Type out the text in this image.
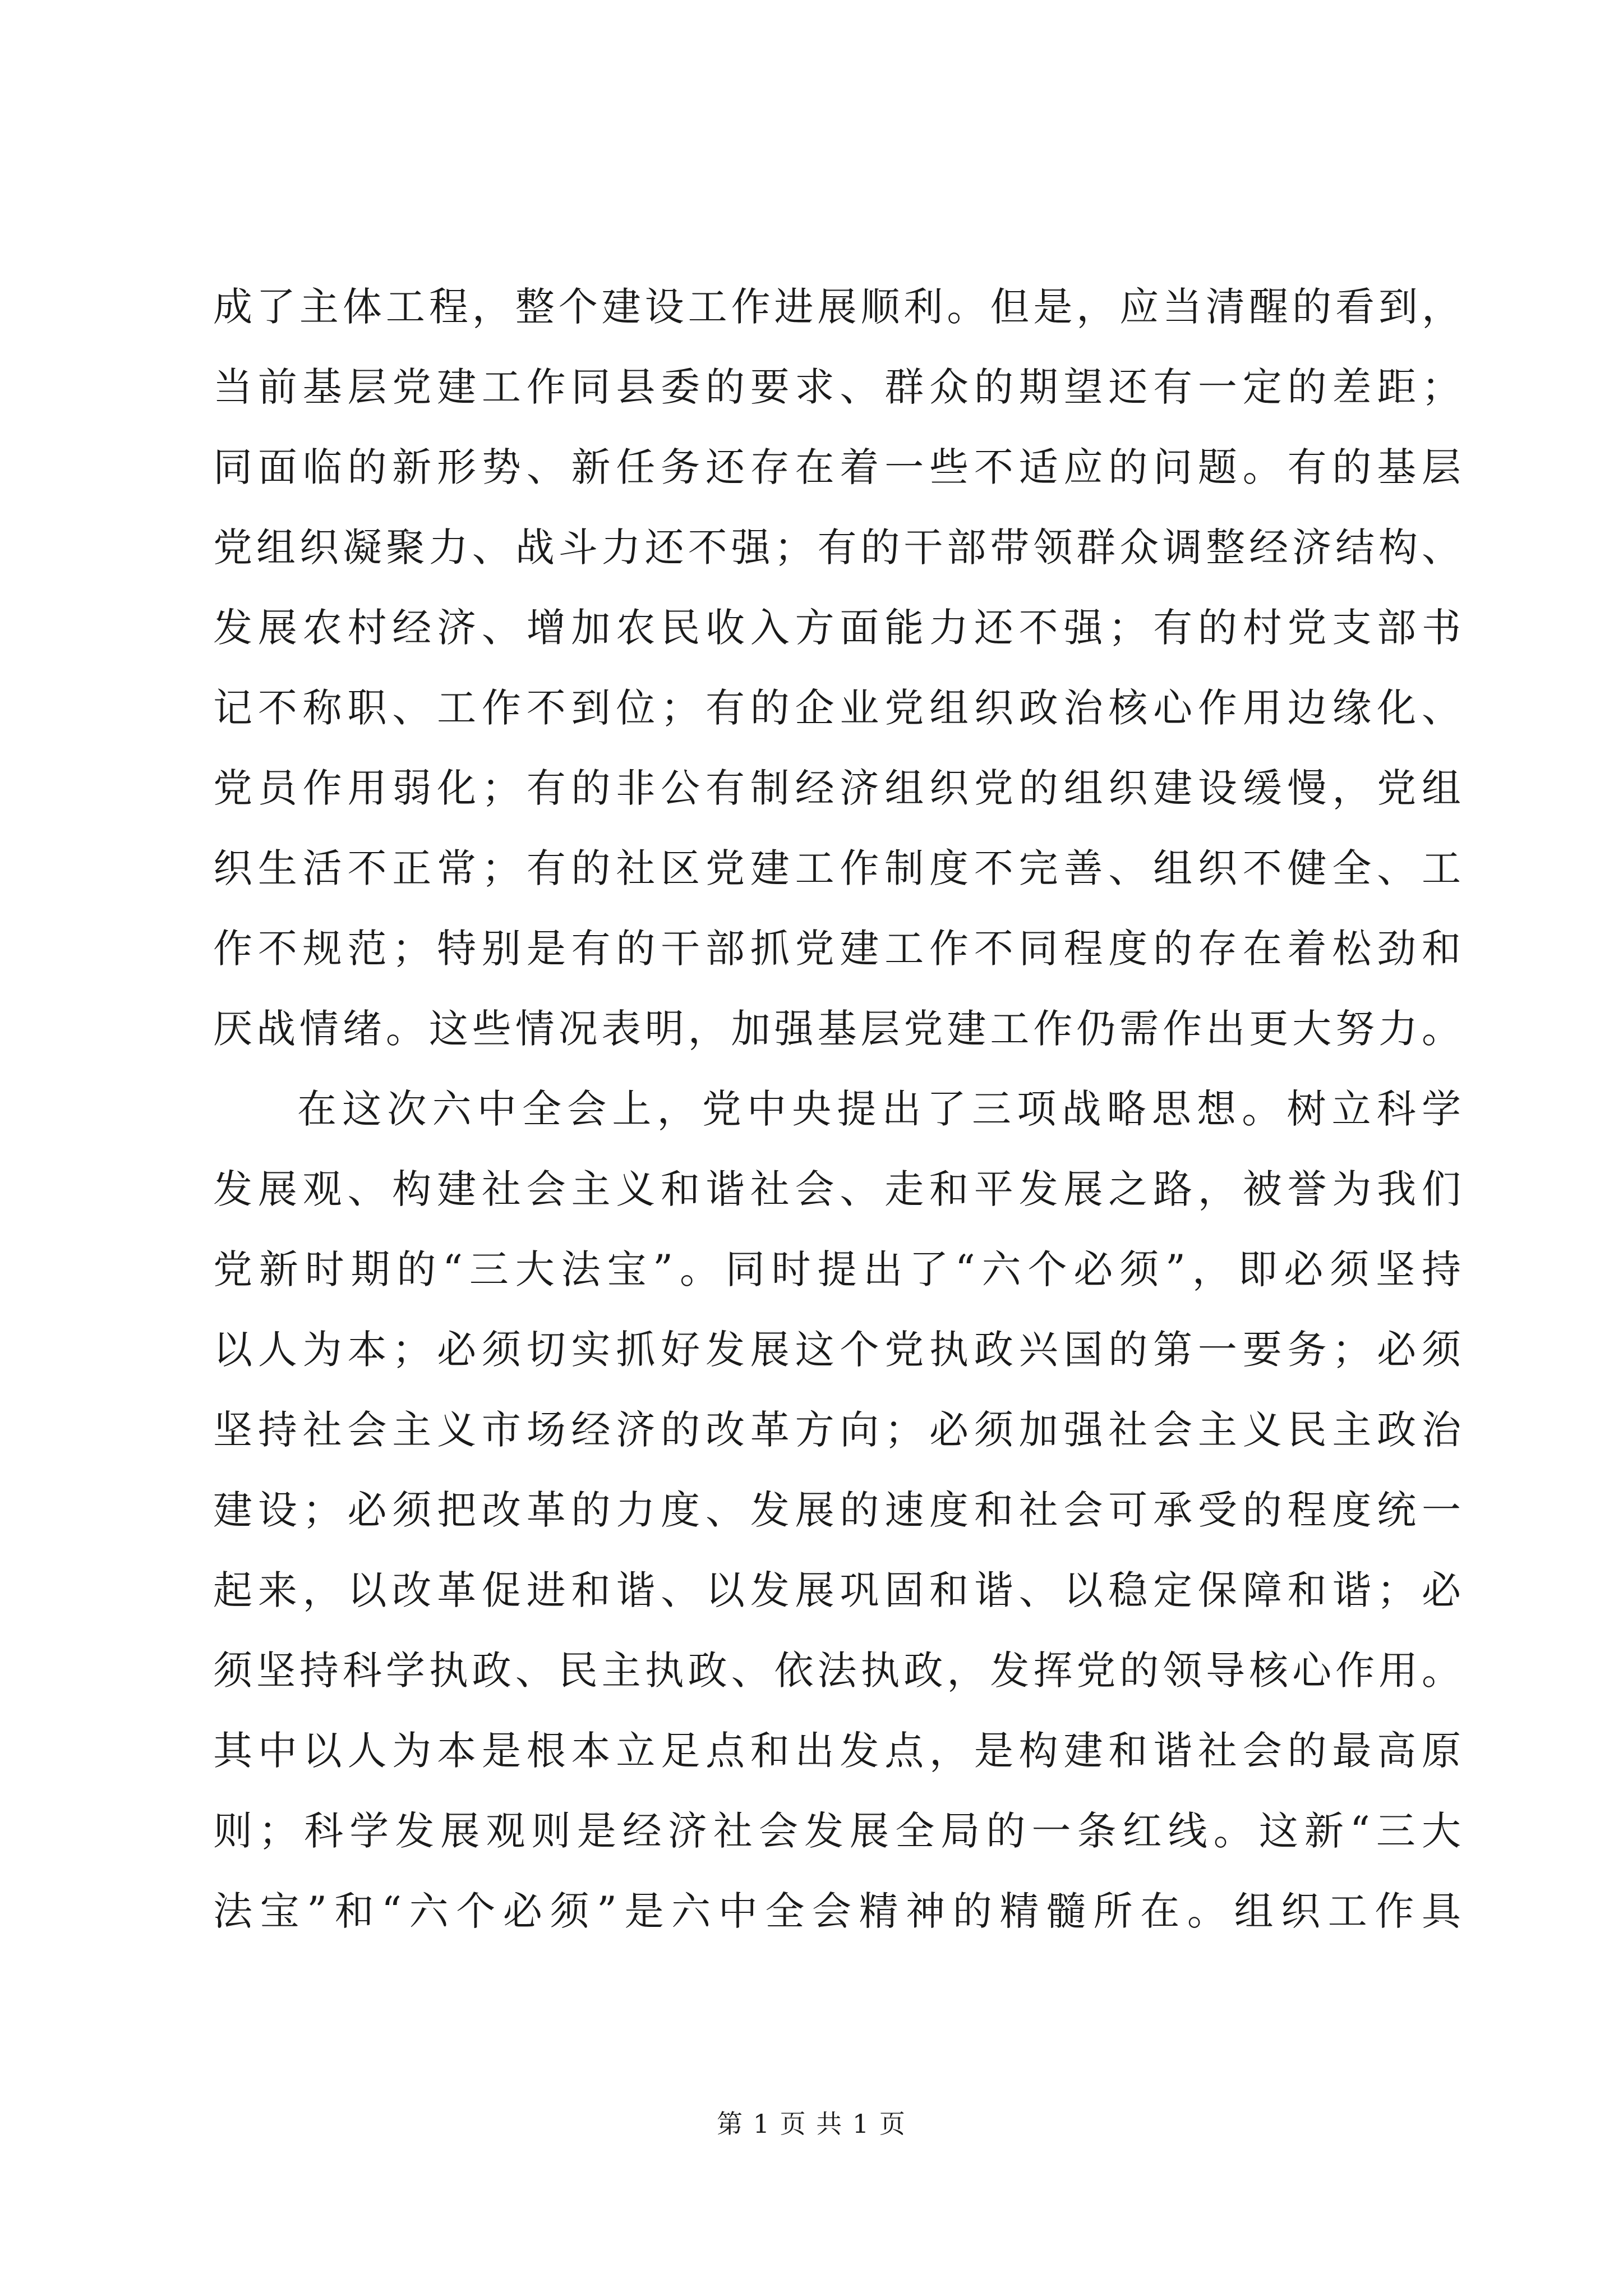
成了主体工程，整个建设工作进展顺利。但是，应当清醒的看到，
当前基层党建工作同县委的要求、群众的期望还有一定的差距；
同面临的新形势、新任务还存在着一些不适应的问题。有的基层
党组织凝聚力、战斗力还不强；有的干部带领群众调整经济结构、
发展农村经济、增加农民收入方面能力还不强；有的村党支部书
记不称职、工作不到位；有的企业党组织政治核心作用边缘化、
党员作用弱化；有的非公有制经济组织党的组织建设缓慢，党组
织生活不正常；有的社区党建工作制度不完善、组织不健全、工
作不规范；特别是有的干部抓党建工作不同程度的存在着松劲和
厌战情绪。这些情况表明，加强基层党建工作仍需作出更大努力。
在这次六中全会上，党中央提出了三项战略思想。树立科学
发展观、构建社会主义和谐社会、走和平发展之路，被誉为我们
党新时期的“三大法宝”。同时提出了“六个必须”，即必须坚持
以人为本；必须切实抓好发展这个党执政兴国的第一要务；必须
坚持社会主义市场经济的改革方向；必须加强社会主义民主政治
建设；必须把改革的力度、发展的速度和社会可承受的程度统一
起来，以改革促进和谐、以发展巩固和谐、以稳定保障和谐；必
须坚持科学执政、民主执政、依法执政，发挥党的领导核心作用。
其中以人为本是根本立足点和出发点，是构建和谐社会的最高原
则；科学发展观则是经济社会发展全局的一条红线。这新“三大
法宝”和“六个必须”是六中全会精神的精髓所在。组织工作具
第 1 页 共 1 页
